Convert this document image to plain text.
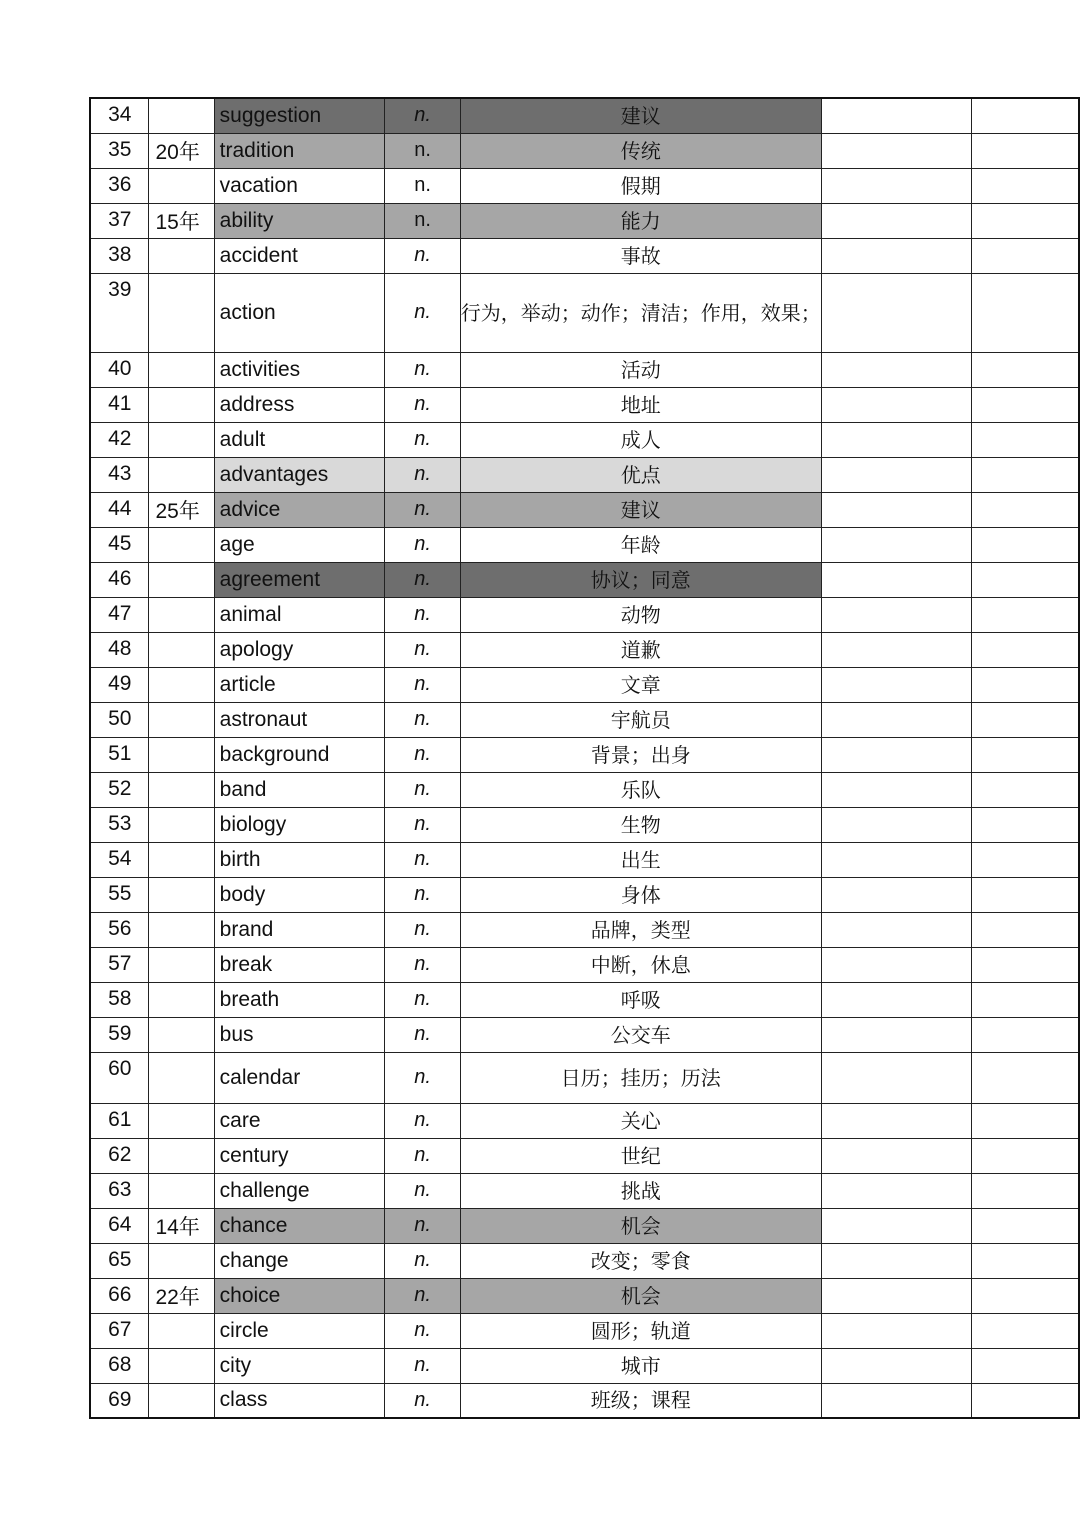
34		suggestion	n.	建议		
35	20年	tradition	n.	传统		
36		vacation	n.	假期		
37	15年	ability	n.	能力		
38		accident	n.	事故		
39		action	n.	行为，举动；动作；清洁；作用，效果；		
40		activities	n.	活动		
41		address	n.	地址		
42		adult	n.	成人		
43		advantages	n.	优点		
44	25年	advice	n.	建议		
45		age	n.	年龄		
46		agreement	n.	协议；同意		
47		animal	n.	动物		
48		apology	n.	道歉		
49		article	n.	文章		
50		astronaut	n.	宇航员		
51		background	n.	背景；出身		
52		band	n.	乐队		
53		biology	n.	生物		
54		birth	n.	出生		
55		body	n.	身体		
56		brand	n.	品牌，类型		
57		break	n.	中断，休息		
58		breath	n.	呼吸		
59		bus	n.	公交车		
60		calendar	n.	日历；挂历；历法		
61		care	n.	关心		
62		century	n.	世纪		
63		challenge	n.	挑战		
64	14年	chance	n.	机会		
65		change	n.	改变；零食		
66	22年	choice	n.	机会		
67		circle	n.	圆形；轨道		
68		city	n.	城市		
69		class	n.	班级；课程		
